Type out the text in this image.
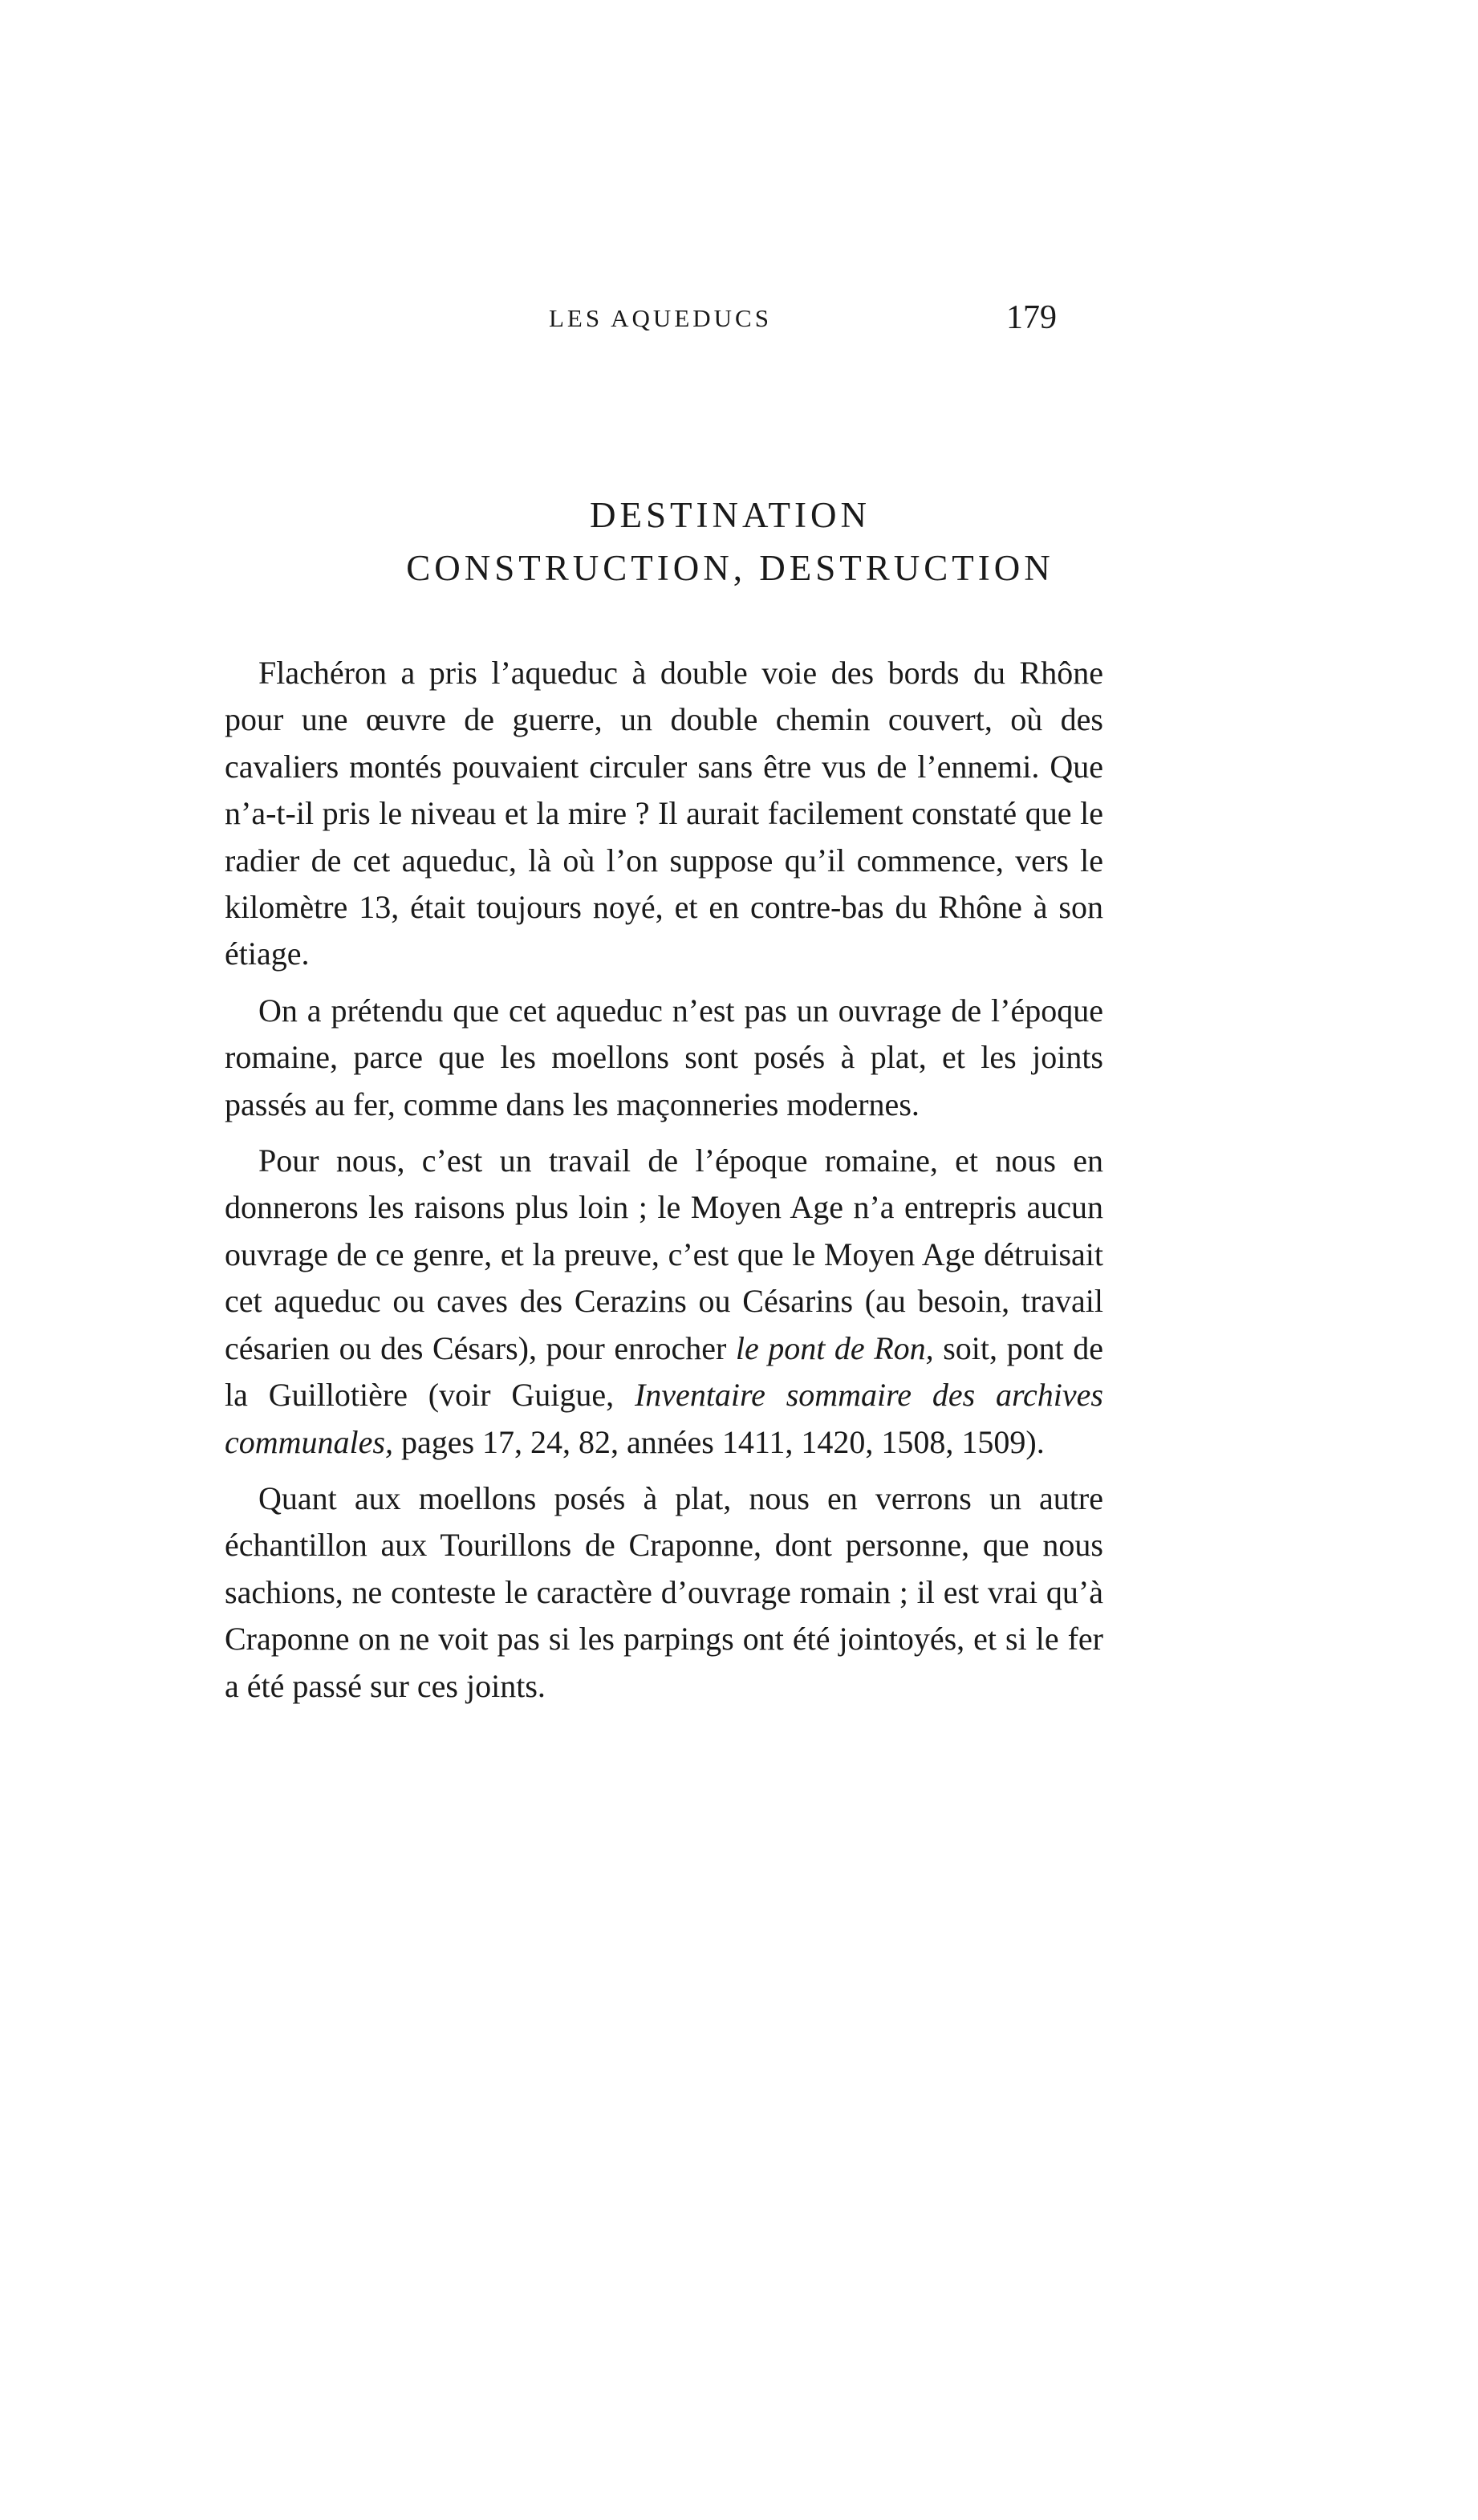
LES AQUEDUCS	179

DESTINATION

CONSTRUCTION, DESTRUCTION

Flachéron a pris l’aqueduc à double voie des bords du Rhône pour une œuvre de guerre, un double chemin couvert, où des cavaliers montés pouvaient circuler sans être vus de l’ennemi. Que n’a-t-il pris le niveau et la mire ? Il aurait facilement constaté que le radier de cet aqueduc, là où l’on suppose qu’il commence, vers le kilomètre 13, était toujours noyé, et en contre-bas du Rhône à son étiage.

On a prétendu que cet aqueduc n’est pas un ouvrage de l’époque romaine, parce que les moellons sont posés à plat, et les joints passés au fer, comme dans les maçonneries modernes.

Pour nous, c’est un travail de l’époque romaine, et nous en donnerons les raisons plus loin ; le Moyen Age n’a entrepris aucun ouvrage de ce genre, et la preuve, c’est que le Moyen Age détruisait cet aqueduc ou caves des Cerazins ou Césarins (au besoin, travail césarien ou des Césars), pour enrocher le pont de Ron, soit, pont de la Guillotière (voir Guigue, Inventaire sommaire des archives communales, pages 17, 24, 82, années 1411, 1420, 1508, 1509).

Quant aux moellons posés à plat, nous en verrons un autre échantillon aux Tourillons de Craponne, dont personne, que nous sachions, ne conteste le caractère d’ouvrage romain ; il est vrai qu’à Craponne on ne voit pas si les parpings ont été jointoyés, et si le fer a été passé sur ces joints.
